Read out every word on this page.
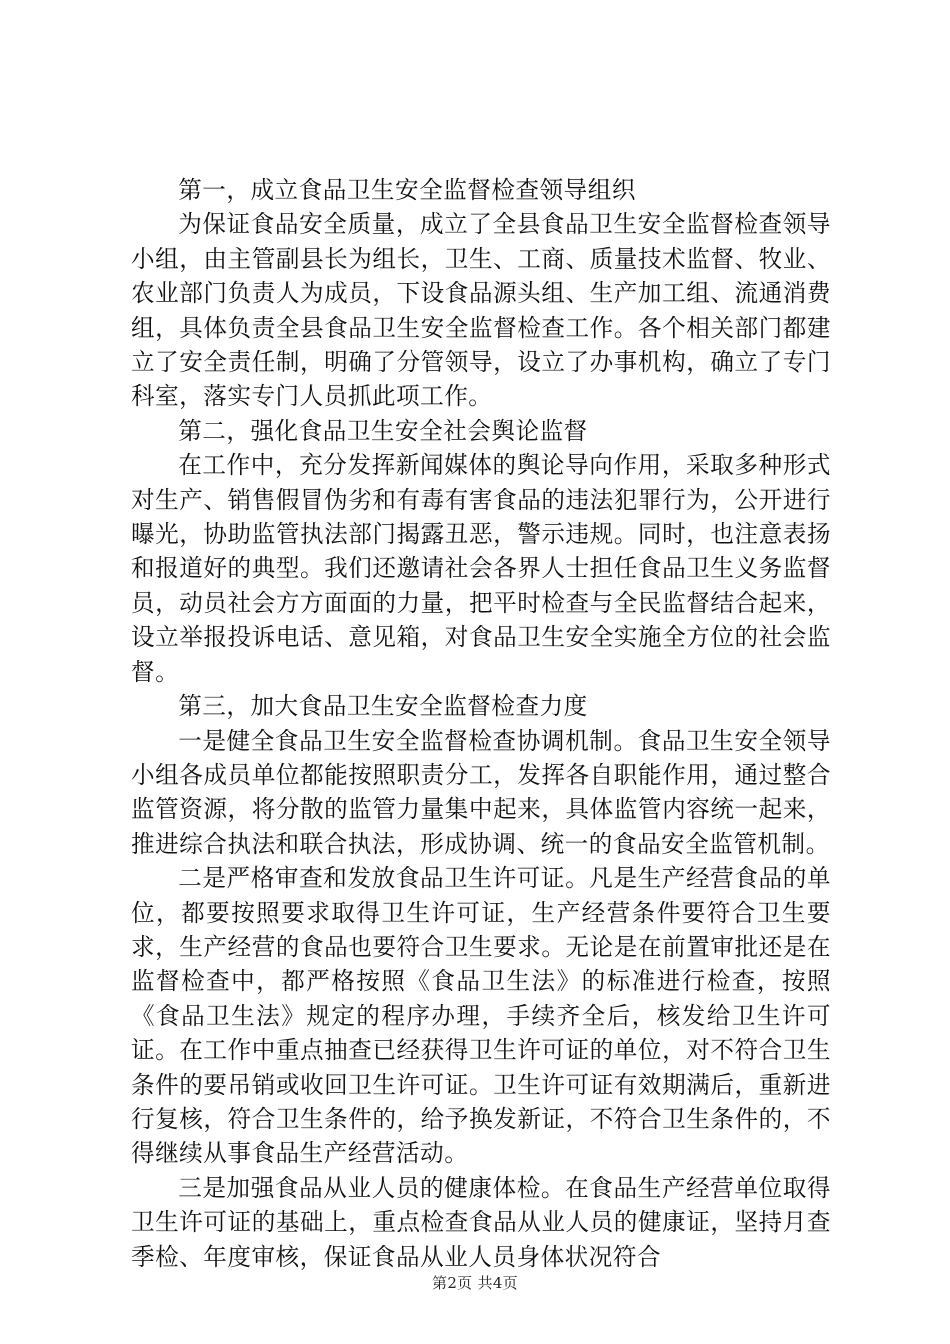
第一，成立食品卫生安全监督检查领导组织

为保证食品安全质量，成立了全县食品卫生安全监督检查领导小组，由主管副县长为组长，卫生、工商、质量技术监督、牧业、农业部门负责人为成员，下设食品源头组、生产加工组、流通消费组，具体负责全县食品卫生安全监督检查工作。各个相关部门都建立了安全责任制，明确了分管领导，设立了办事机构，确立了专门科室，落实专门人员抓此项工作。

第二，强化食品卫生安全社会舆论监督

在工作中，充分发挥新闻媒体的舆论导向作用，采取多种形式对生产、销售假冒伪劣和有毒有害食品的违法犯罪行为，公开进行曝光，协助监管执法部门揭露丑恶，警示违规。同时，也注意表扬和报道好的典型。我们还邀请社会各界人士担任食品卫生义务监督员，动员社会方方面面的力量，把平时检查与全民监督结合起来，设立举报投诉电话、意见箱，对食品卫生安全实施全方位的社会监督。

第三，加大食品卫生安全监督检查力度

一是健全食品卫生安全监督检查协调机制。食品卫生安全领导小组各成员单位都能按照职责分工，发挥各自职能作用，通过整合监管资源，将分散的监管力量集中起来，具体监管内容统一起来，推进综合执法和联合执法，形成协调、统一的食品安全监管机制。

二是严格审查和发放食品卫生许可证。凡是生产经营食品的单位，都要按照要求取得卫生许可证，生产经营条件要符合卫生要求，生产经营的食品也要符合卫生要求。无论是在前置审批还是在监督检查中，都严格按照《食品卫生法》的标准进行检查，按照《食品卫生法》规定的程序办理，手续齐全后，核发给卫生许可证。在工作中重点抽查已经获得卫生许可证的单位，对不符合卫生条件的要吊销或收回卫生许可证。卫生许可证有效期满后，重新进行复核，符合卫生条件的，给予换发新证，不符合卫生条件的，不得继续从事食品生产经营活动。

三是加强食品从业人员的健康体检。在食品生产经营单位取得卫生许可证的基础上，重点检查食品从业人员的健康证，坚持月查季检、年度审核，保证食品从业人员身体状况符合

第2页 共4页
